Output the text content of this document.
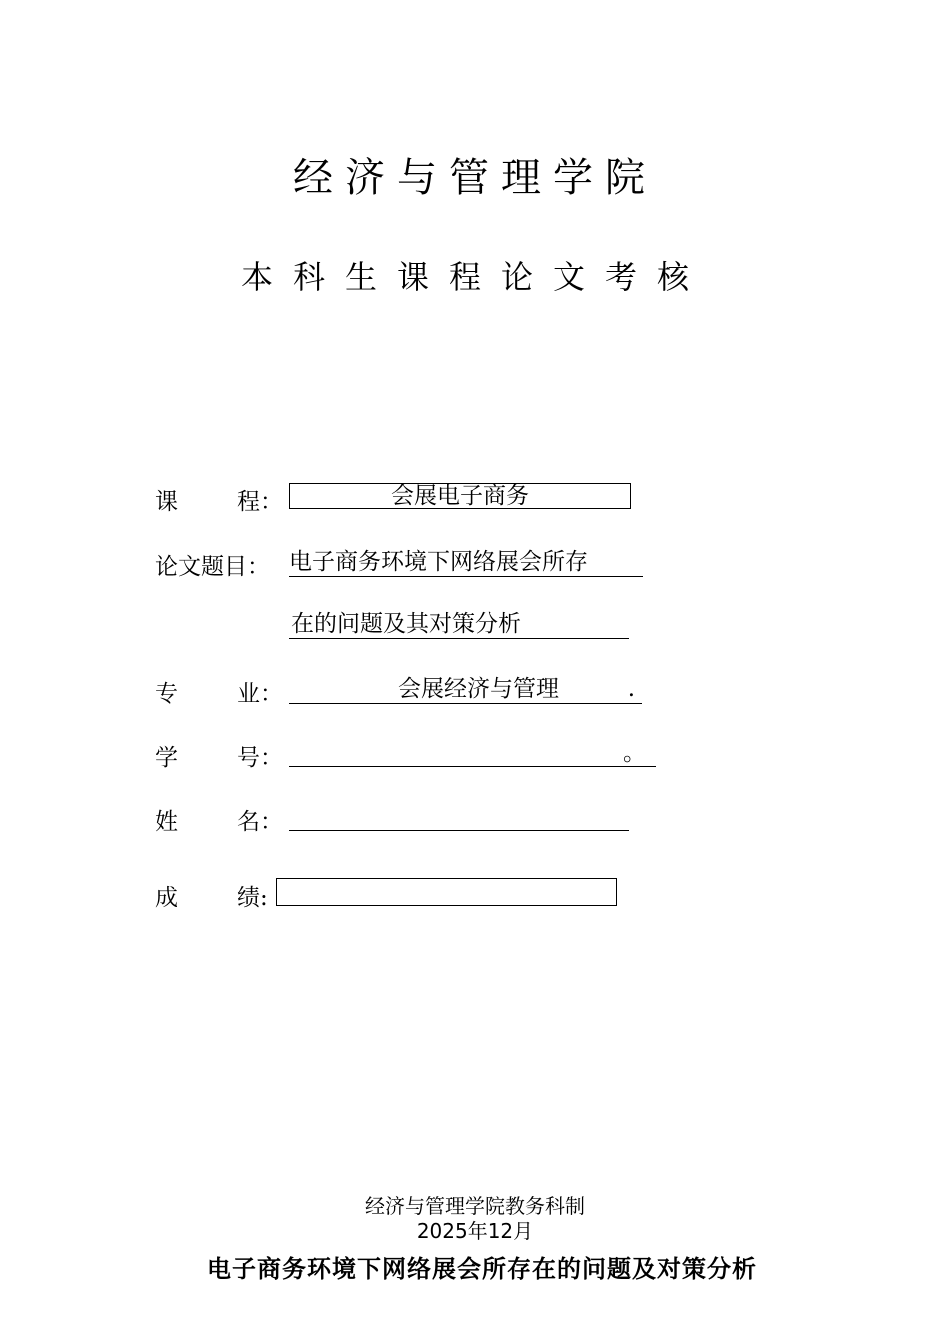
经济与管理学院
本科生课程论文考核
课	程：	会展电子商务
论文题目： 电子商务环境下网络展会所存
在的问题及其对策分析
专	业：	会展经济与管理	.
学	号：	。
姓	名：
成	绩:
经济与管理学院教务科制
2025年12月
电子商务环境下网络展会所存在的问题及对策分析
